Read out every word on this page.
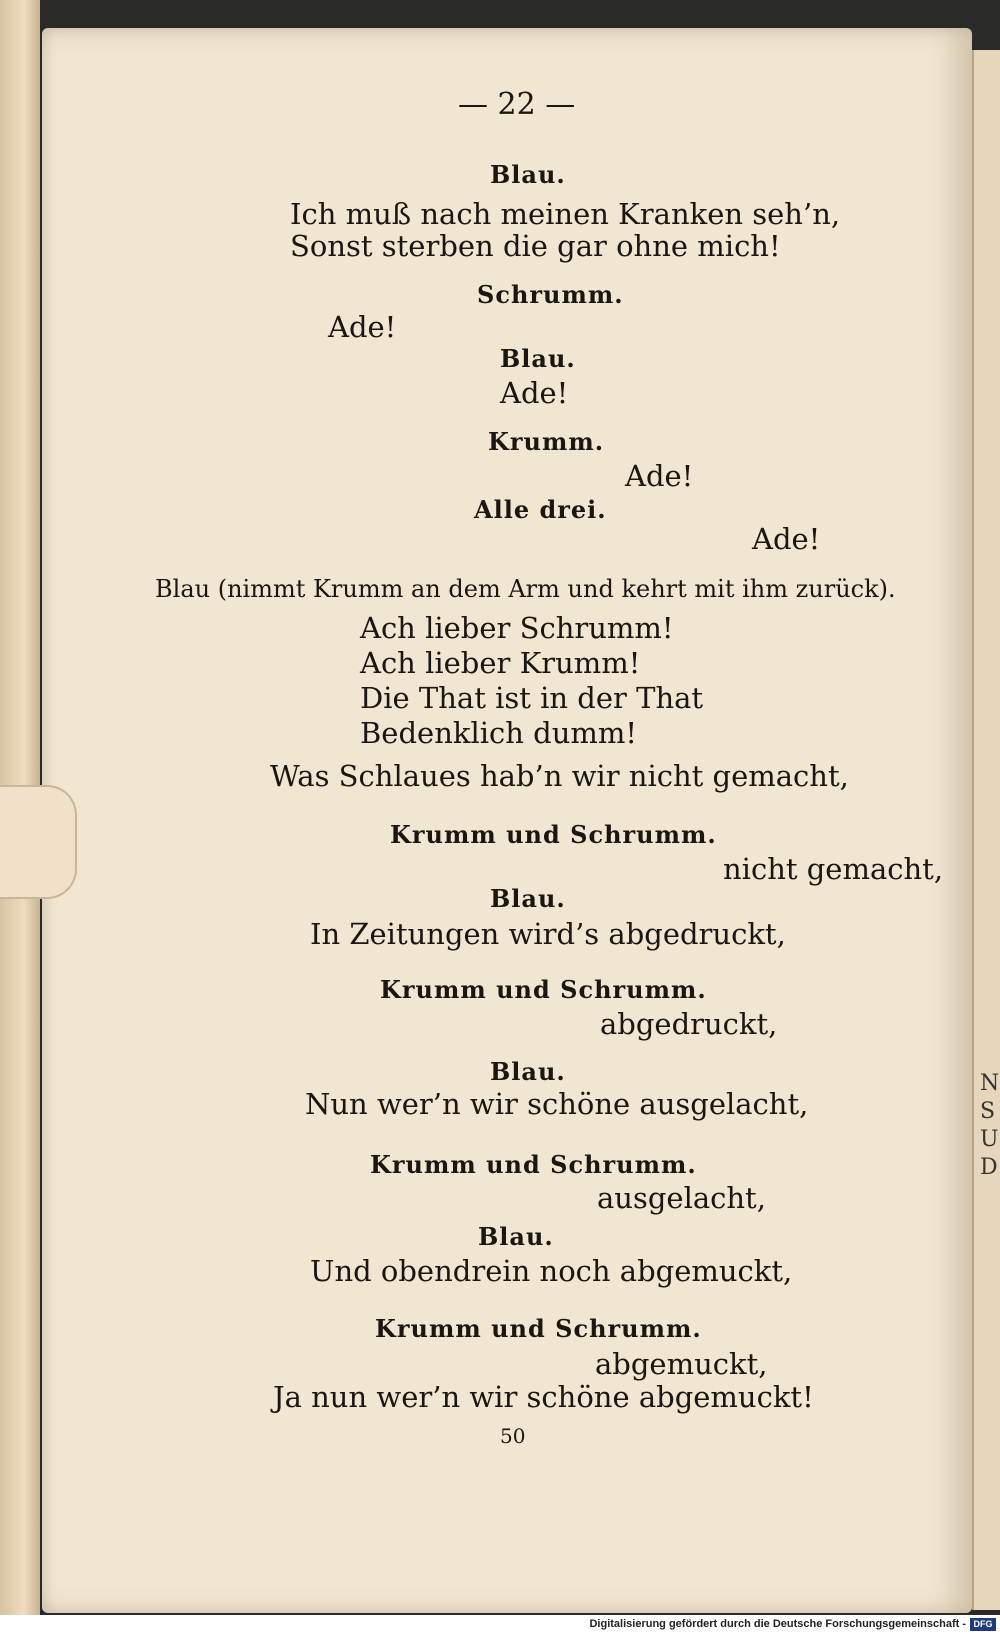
N
S
U
D
— 22 —
Blau.
Ich muß nach meinen Kranken seh’n,
Sonst sterben die gar ohne mich!
Schrumm.
Ade!
Blau.
Ade!
Krumm.
Ade!
Alle drei.
Ade!
Blau (nimmt Krumm an dem Arm und kehrt mit ihm zurück).
Ach lieber Schrumm!
Ach lieber Krumm!
Die That ist in der That
Bedenklich dumm!
Was Schlaues hab’n wir nicht gemacht,
Krumm und Schrumm.
nicht gemacht,
Blau.
In Zeitungen wird’s abgedruckt,
Krumm und Schrumm.
abgedruckt,
Blau.
Nun wer’n wir schöne ausgelacht,
Krumm und Schrumm.
ausgelacht,
Blau.
Und obendrein noch abgemuckt,
Krumm und Schrumm.
abgemuckt,
Ja nun wer’n wir schöne abgemuckt!
50
Digitalisierung gefördert durch die Deutsche Forschungsgemeinschaft - DFG
